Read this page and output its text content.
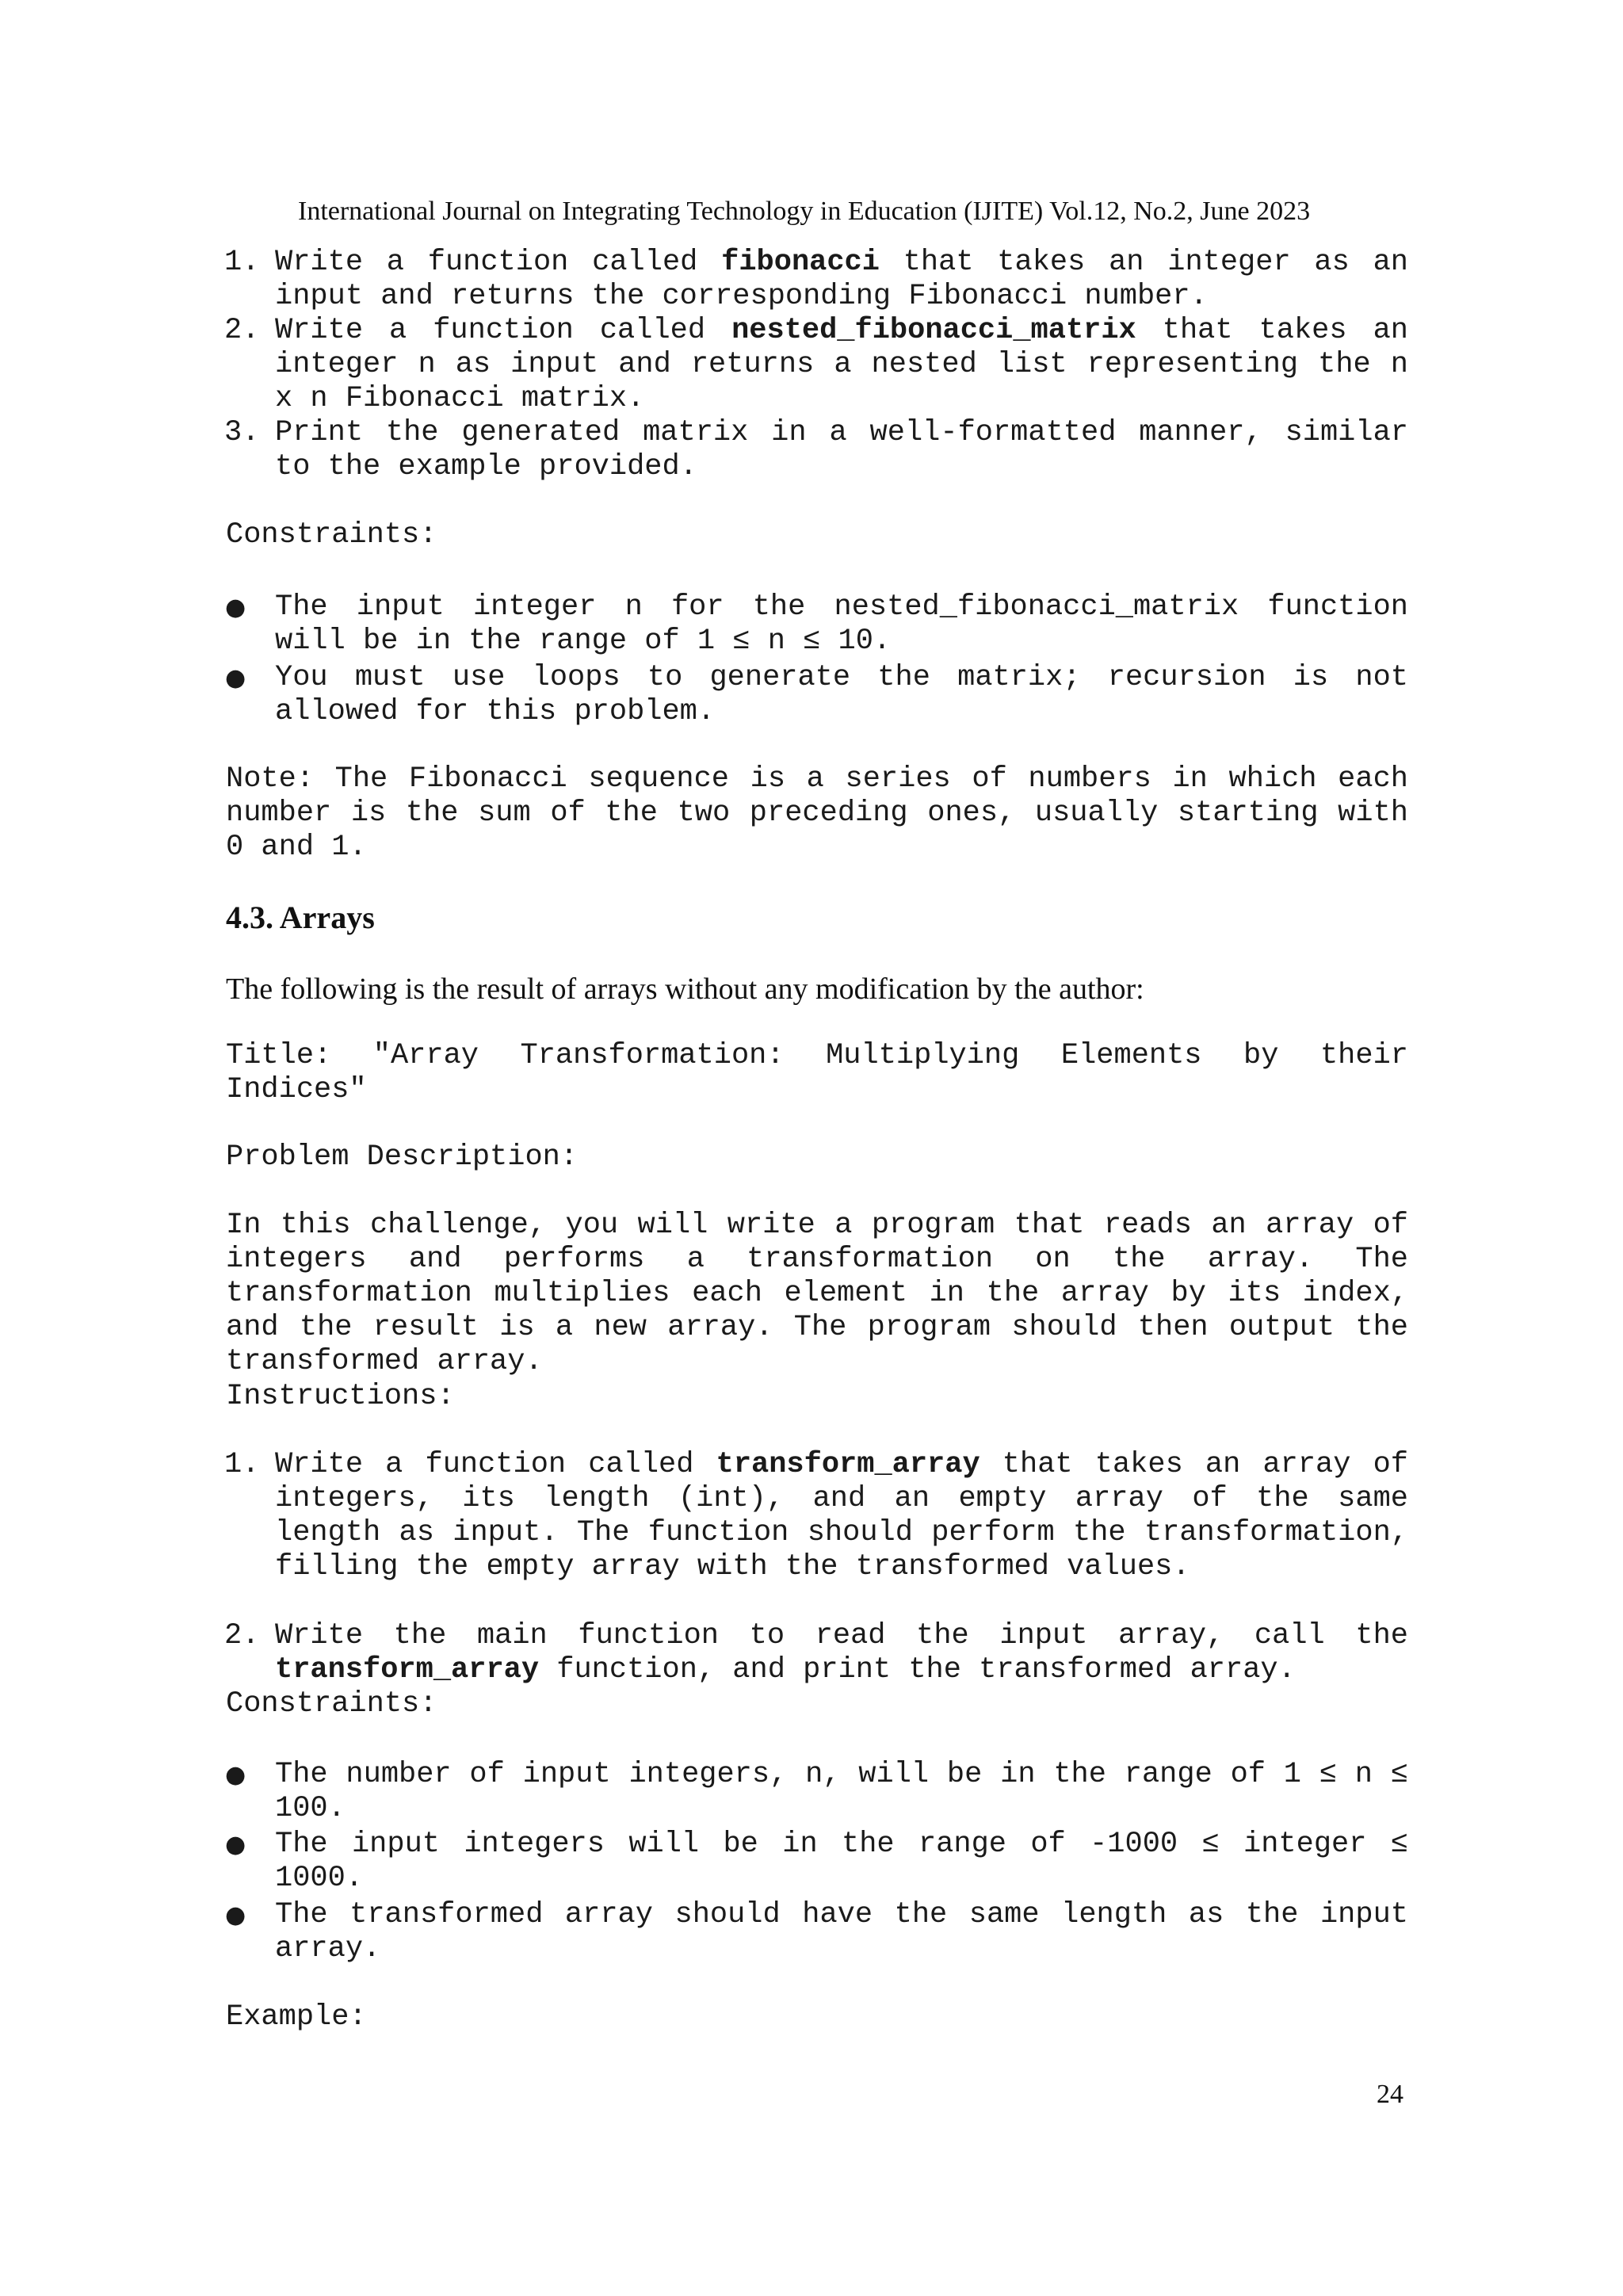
International Journal on Integrating Technology in Education (IJITE) Vol.12, No.2, June 2023
1. Write a function called fibonacci that takes an integer as an input and returns the corresponding Fibonacci number.
2. Write a function called nested_fibonacci_matrix that takes an integer n as input and returns a nested list representing the n x n Fibonacci matrix.
3. Print the generated matrix in a well-formatted manner, similar to the example provided.
Constraints:
● The input integer n for the nested_fibonacci_matrix function will be in the range of 1 ≤ n ≤ 10.
● You must use loops to generate the matrix; recursion is not allowed for this problem.
Note: The Fibonacci sequence is a series of numbers in which each number is the sum of the two preceding ones, usually starting with 0 and 1.
4.3. Arrays
The following is the result of arrays without any modification by the author:
Title: "Array Transformation: Multiplying Elements by their Indices"
Problem Description:
In this challenge, you will write a program that reads an array of integers and performs a transformation on the array. The transformation multiplies each element in the array by its index, and the result is a new array. The program should then output the transformed array.
Instructions:
1. Write a function called transform_array that takes an array of integers, its length (int), and an empty array of the same length as input. The function should perform the transformation, filling the empty array with the transformed values.
2. Write the main function to read the input array, call the transform_array function, and print the transformed array.
Constraints:
● The number of input integers, n, will be in the range of 1 ≤ n ≤ 100.
● The input integers will be in the range of -1000 ≤ integer ≤ 1000.
● The transformed array should have the same length as the input array.
Example:
24
